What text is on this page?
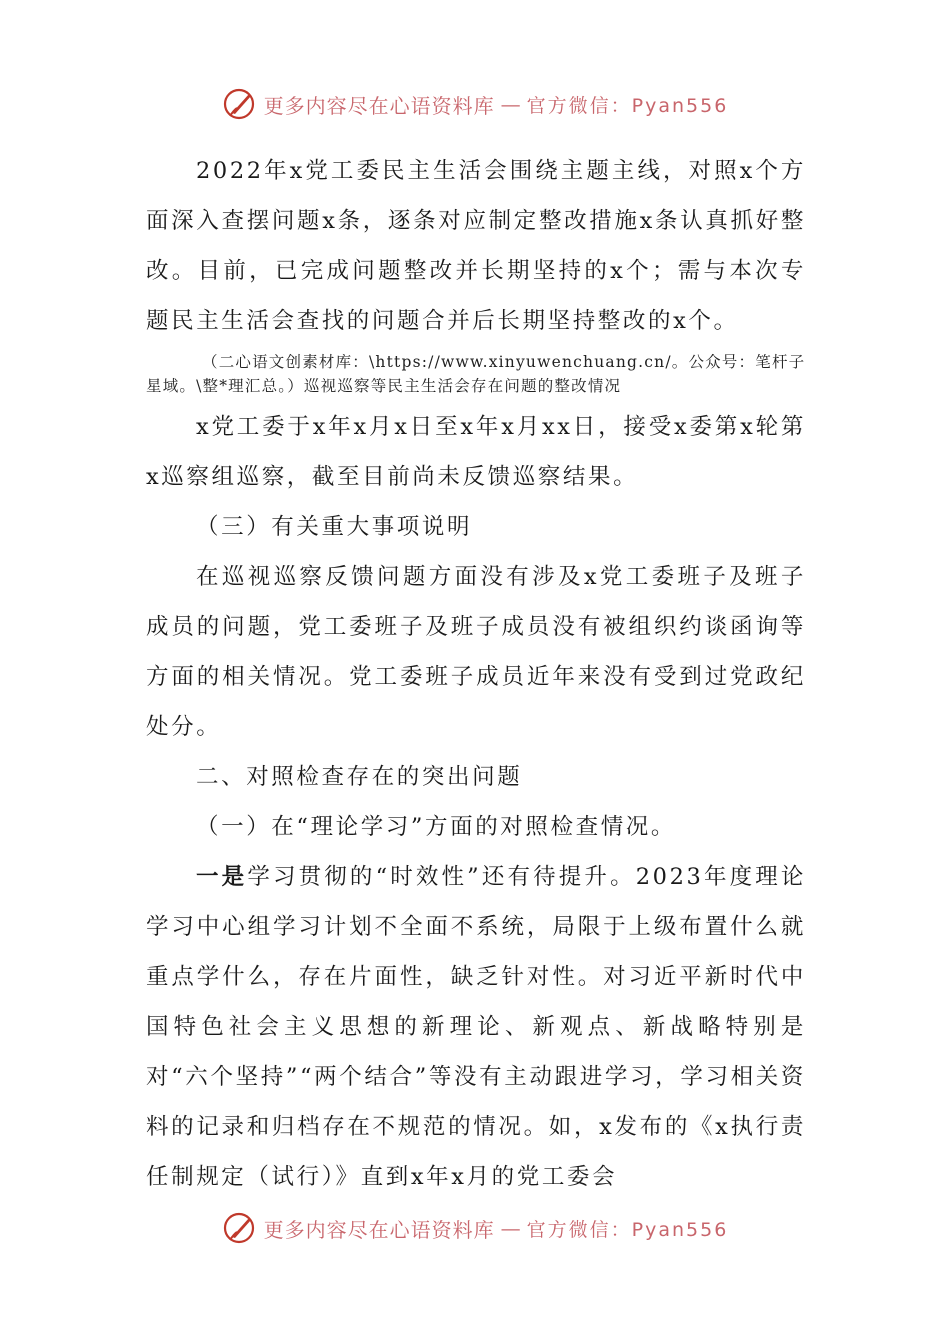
更多内容尽在心语资料库 — 官方微信：Pyan556

2022年x党工委民主生活会围绕主题主线，对照x个方面深入查摆问题x条，逐条对应制定整改措施x条认真抓好整改。目前，已完成问题整改并长期坚持的x个；需与本次专题民主生活会查找的问题合并后长期坚持整改的x个。

（二心语文创素材库：\https://www.xinyuwenchuang.cn/。公众号：笔杆子星域。\整*理汇总。）巡视巡察等民主生活会存在问题的整改情况

x党工委于x年x月x日至x年x月xx日，接受x委第x轮第x巡察组巡察，截至目前尚未反馈巡察结果。

（三）有关重大事项说明

在巡视巡察反馈问题方面没有涉及x党工委班子及班子成员的问题，党工委班子及班子成员没有被组织约谈函询等方面的相关情况。党工委班子成员近年来没有受到过党政纪处分。

二、对照检查存在的突出问题

（一）在“理论学习”方面的对照检查情况。

一是学习贯彻的“时效性”还有待提升。2023年度理论学习中心组学习计划不全面不系统，局限于上级布置什么就重点学什么，存在片面性，缺乏针对性。对习近平新时代中国特色社会主义思想的新理论、新观点、新战略特别是对“六个坚持”“两个结合”等没有主动跟进学习，学习相关资料的记录和归档存在不规范的情况。如，x发布的《x执行责任制规定（试行）》直到x年x月的党工委会

更多内容尽在心语资料库 — 官方微信：Pyan556
